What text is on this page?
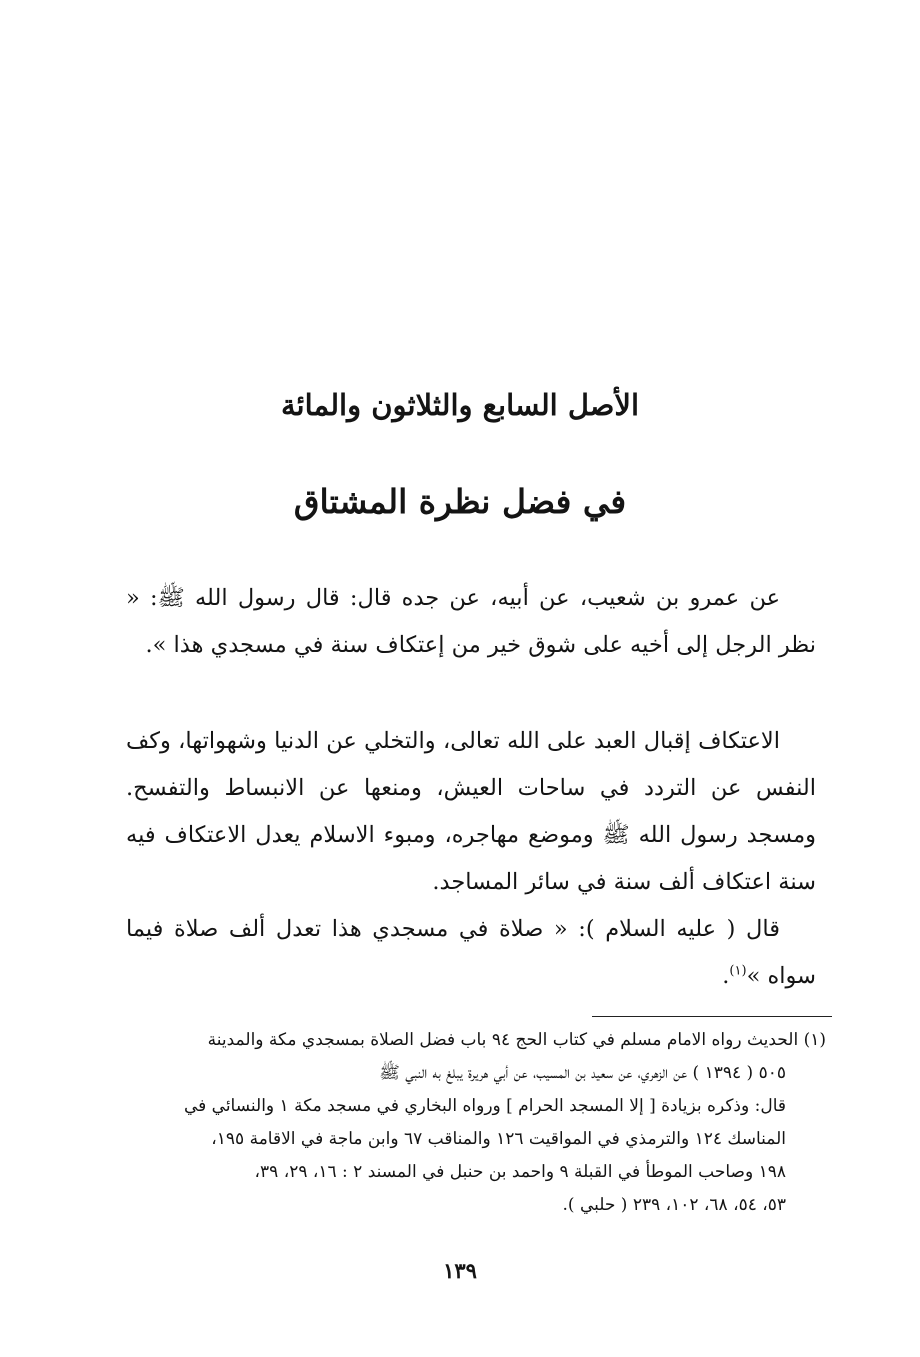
الأصل السابع والثلاثون والمائة
في فضل نظرة المشتاق
عن عمرو بن شعيب، عن أبيه، عن جده قال: قال رسول الله ﷺ: « نظر الرجل إلى أخيه على شوق خير من إعتكاف سنة في مسجدي هذا ».
الاعتكاف إقبال العبد على الله تعالى، والتخلي عن الدنيا وشهواتها، وكف النفس عن التردد في ساحات العيش، ومنعها عن الانبساط والتفسح. ومسجد رسول الله ﷺ وموضع مهاجره، ومبوء الاسلام يعدل الاعتكاف فيه سنة اعتكاف ألف سنة في سائر المساجد.
قال ( عليه السلام ): « صلاة في مسجدي هذا تعدل ألف صلاة فيما سواه »$^{(١)}$.
(١) الحديث رواه الامام مسلم في كتاب الحج ٩٤ باب فضل الصلاة بمسجدي مكة والمدينة
٥٠٥ ( ١٣٩٤ ) عن الزهري، عن سعيد بن المسيب، عن أبي هريرة يبلغ به النبي ﷺ
قال: وذكره بزيادة [ إلا المسجد الحرام ] ورواه البخاري في مسجد مكة ١ والنسائي في
المناسك ١٢٤ والترمذي في المواقيت ١٢٦ والمناقب ٦٧ وابن ماجة في الاقامة ١٩٥،
١٩٨ وصاحب الموطأ في القبلة ٩ واحمد بن حنبل في المسند ٢ : ١٦، ٢٩، ٣٩،
٥٣، ٥٤، ٦٨، ١٠٢، ٢٣٩ ( حلبي ).
١٣٩
